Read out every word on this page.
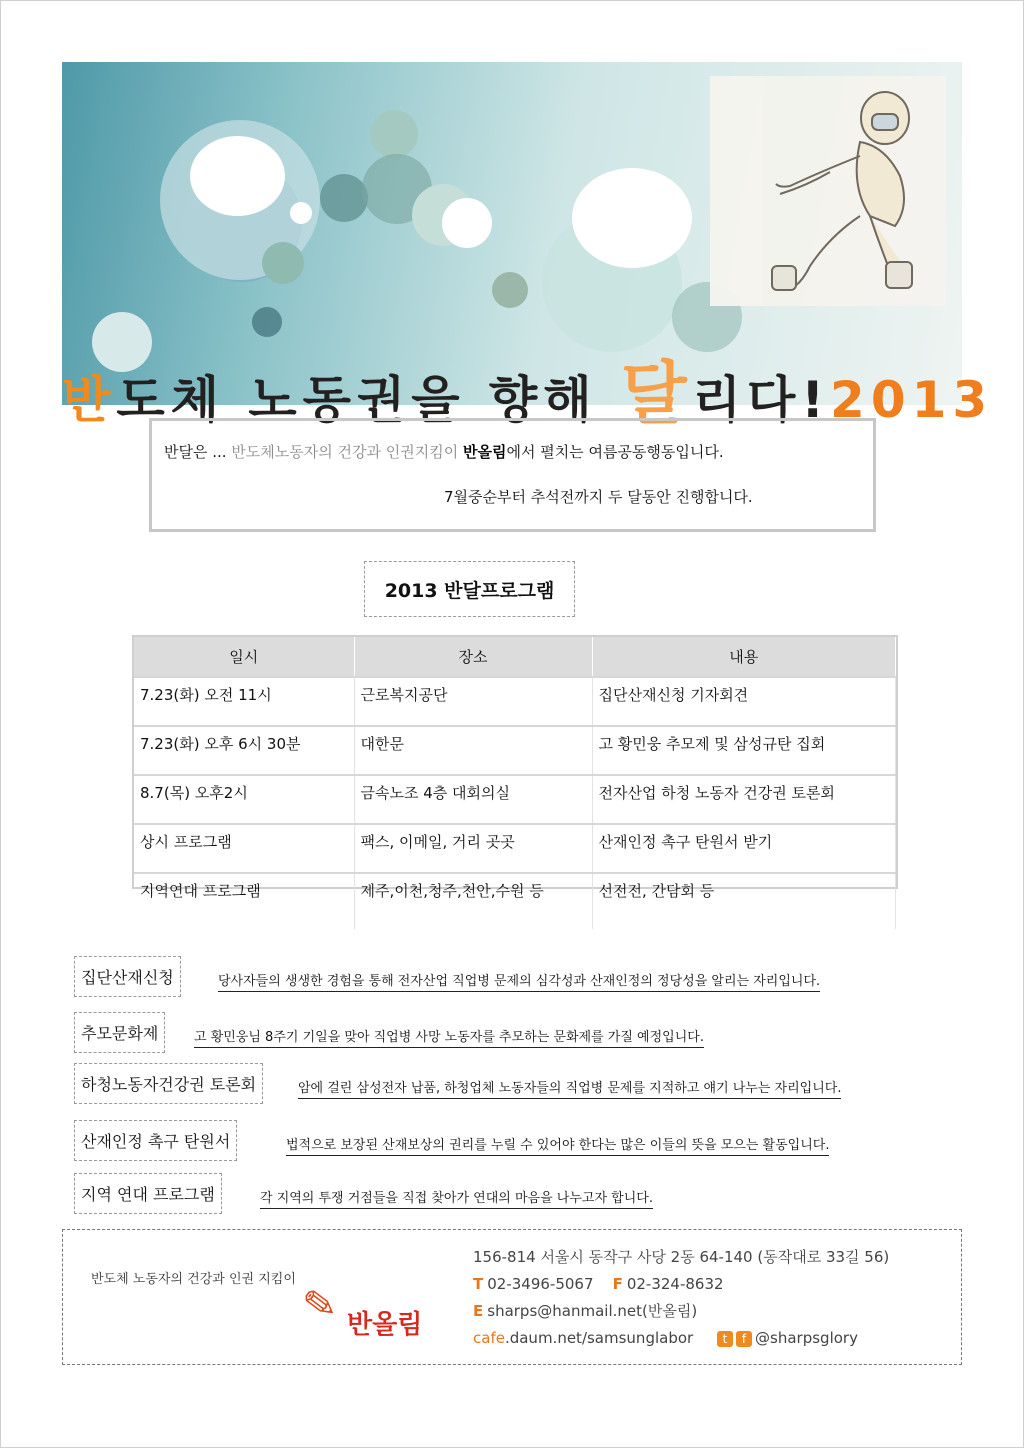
반도체 노동권을 향해 달리다!2013
반달은 ... 반도체노동자의 건강과 인권지킴이 반올림에서 펼치는 여름공동행동입니다.
7월중순부터 추석전까지 두 달동안 진행합니다.
2013 반달프로그램
일시	장소	내용
7.23(화) 오전 11시	근로복지공단	집단산재신청 기자회견
7.23(화) 오후 6시 30분	대한문	고 황민웅 추모제 및 삼성규탄 집회
8.7(목) 오후2시	금속노조 4층 대회의실	전자산업 하청 노동자 건강권 토론회
상시 프로그램	팩스, 이메일, 거리 곳곳	산재인정 촉구 탄원서 받기
지역연대 프로그램	제주,이천,청주,천안,수원 등	선전전, 간담회 등
집단산재신청	당사자들의 생생한 경험을 통해 전자산업 직업병 문제의 심각성과 산재인정의 정당성을 알리는 자리입니다.
추모문화제	고 황민웅님 8주기 기일을 맞아 직업병 사망 노동자를 추모하는 문화제를 가질 예정입니다.
하청노동자건강권 토론회	암에 걸린 삼성전자 납품, 하청업체 노동자들의 직업병 문제를 지적하고 얘기 나누는 자리입니다.
산재인정 촉구 탄원서	법적으로 보장된 산재보상의 권리를 누릴 수 있어야 한다는 많은 이들의 뜻을 모으는 활동입니다.
지역 연대 프로그램	각 지역의 투쟁 거점들을 직접 찾아가 연대의 마음을 나누고자 합니다.
반도체 노동자의 건강과 인권 지킴이
✎ 반올림
156-814 서울시 동작구 사당 2동 64-140 (동작대로 33길 56)
T 02-3496-5067 F 02-324-8632
E sharps@hanmail.net(반올림)
cafe.daum.net/samsunglabor t f @sharpsglory
